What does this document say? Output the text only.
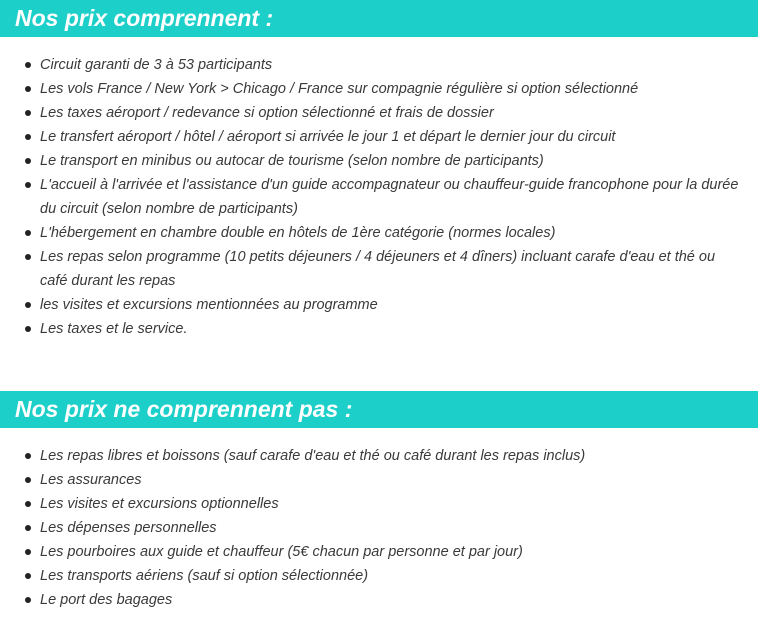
Nos prix comprennent :
Circuit garanti de 3 à 53 participants
Les vols France / New York > Chicago / France sur compagnie régulière si option sélectionné
Les taxes aéroport / redevance si option sélectionné et frais de dossier
Le transfert aéroport / hôtel / aéroport si arrivée le jour 1 et départ le dernier jour du circuit
Le transport en minibus ou autocar de tourisme (selon nombre de participants)
L'accueil à l'arrivée et l'assistance d'un guide accompagnateur ou chauffeur-guide francophone pour la durée du circuit (selon nombre de participants)
L'hébergement en chambre double en hôtels de 1ère catégorie (normes locales)
Les repas selon programme (10 petits déjeuners / 4 déjeuners et 4 dîners) incluant carafe d'eau et thé ou café durant les repas
les visites et excursions mentionnées au programme
Les taxes et le service.
Nos prix ne comprennent pas :
Les repas libres et boissons (sauf carafe d'eau et thé ou café durant les repas inclus)
Les assurances
Les visites et excursions optionnelles
Les dépenses personnelles
Les pourboires aux guide et chauffeur (5€ chacun par personne et par jour)
Les transports aériens (sauf si option sélectionnée)
Le port des bagages
